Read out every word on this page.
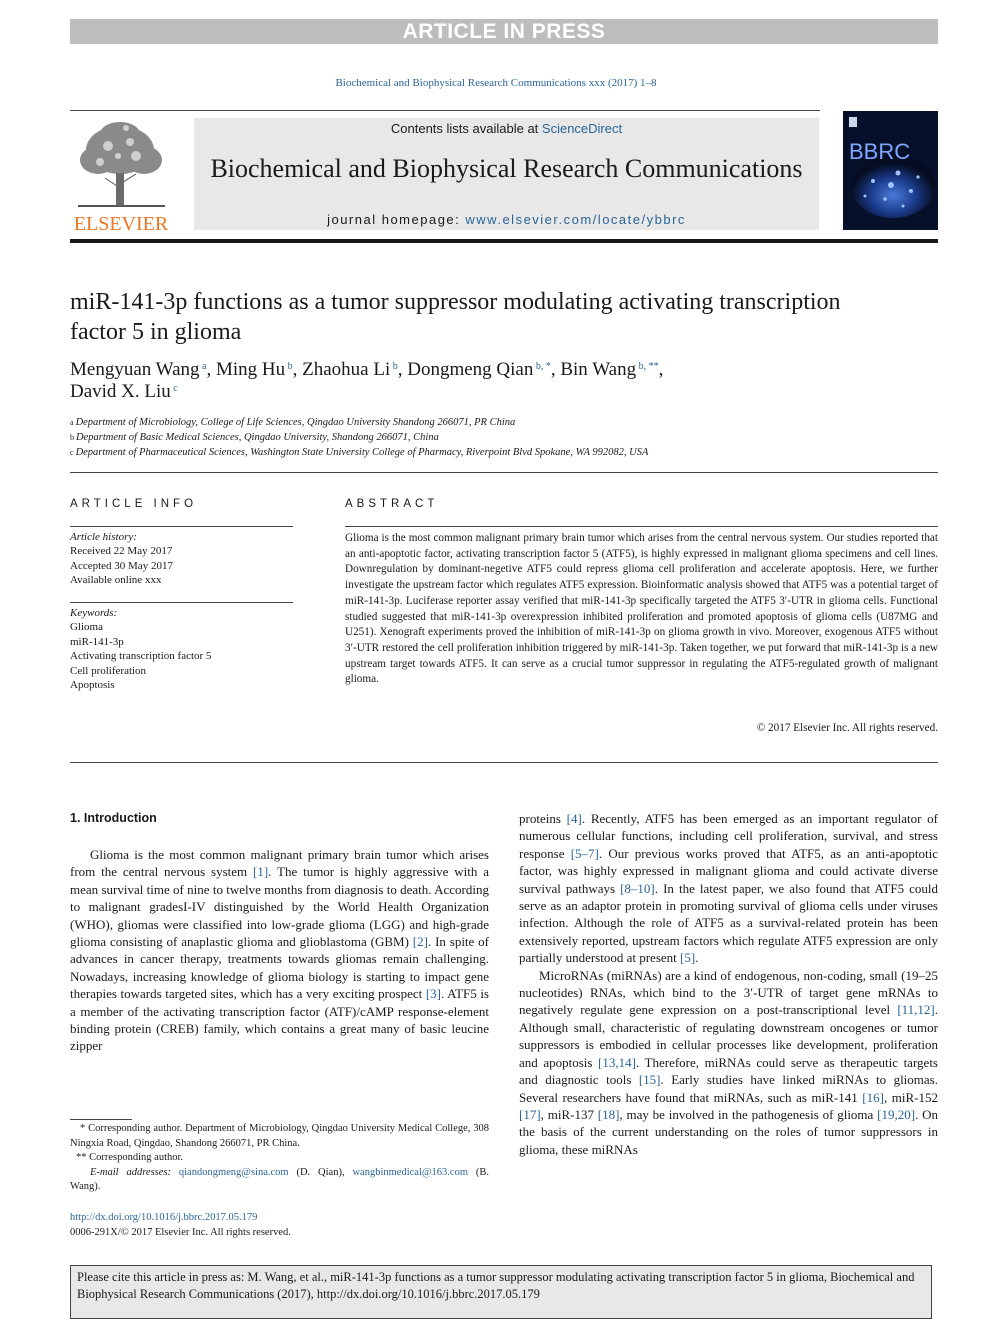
ARTICLE IN PRESS
Biochemical and Biophysical Research Communications xxx (2017) 1–8
ELSEVIER
Contents lists available at ScienceDirect
Biochemical and Biophysical Research Communications
journal homepage: www.elsevier.com/locate/ybbrc
BBRC
miR-141-3p functions as a tumor suppressor modulating activating transcription factor 5 in glioma
Mengyuan Wang $^a$, Ming Hu $^b$, Zhaohua Li $^b$, Dongmeng Qian $^{b, *}$, Bin Wang $^{b, **}$,
David X. Liu $^c$
$^a$ Department of Microbiology, College of Life Sciences, Qingdao University Shandong 266071, PR China
$^b$ Department of Basic Medical Sciences, Qingdao University, Shandong 266071, China
$^c$ Department of Pharmaceutical Sciences, Washington State University College of Pharmacy, Riverpoint Blvd Spokane, WA 992082, USA
ARTICLE INFO
Article history:
Received 22 May 2017
Accepted 30 May 2017
Available online xxx
Keywords:
Glioma
miR-141-3p
Activating transcription factor 5
Cell proliferation
Apoptosis
ABSTRACT
Glioma is the most common malignant primary brain tumor which arises from the central nervous system. Our studies reported that an anti-apoptotic factor, activating transcription factor 5 (ATF5), is highly expressed in malignant glioma specimens and cell lines. Downregulation by dominant-negetive ATF5 could repress glioma cell proliferation and accelerate apoptosis. Here, we further investigate the upstream factor which regulates ATF5 expression. Bioinformatic analysis showed that ATF5 was a potential target of miR-141-3p. Luciferase reporter assay verified that miR-141-3p specifically targeted the ATF5 3′-UTR in glioma cells. Functional studied suggested that miR-141-3p overexpression inhibited proliferation and promoted apoptosis of glioma cells (U87MG and U251). Xenograft experiments proved the inhibition of miR-141-3p on glioma growth in vivo. Moreover, exogenous ATF5 without 3′-UTR restored the cell proliferation inhibition triggered by miR-141-3p. Taken together, we put forward that miR-141-3p is a new upstream target towards ATF5. It can serve as a crucial tumor suppressor in regulating the ATF5-regulated growth of malignant glioma.
© 2017 Elsevier Inc. All rights reserved.
1. Introduction

Glioma is the most common malignant primary brain tumor which arises from the central nervous system [1]. The tumor is highly aggressive with a mean survival time of nine to twelve months from diagnosis to death. According to malignant gradesI-IV distinguished by the World Health Organization (WHO), gliomas were classified into low-grade glioma (LGG) and high-grade glioma consisting of anaplastic glioma and glioblastoma (GBM) [2]. In spite of advances in cancer therapy, treatments towards gliomas remain challenging. Nowadays, increasing knowledge of glioma biology is starting to impact gene therapies towards targeted sites, which has a very exciting prospect [3]. ATF5 is a member of the activating transcription factor (ATF)/cAMP response-element binding protein (CREB) family, which contains a great many of basic leucine zipper

proteins [4]. Recently, ATF5 has been emerged as an important regulator of numerous cellular functions, including cell proliferation, survival, and stress response [5–7]. Our previous works proved that ATF5, as an anti-apoptotic factor, was highly expressed in malignant glioma and could activate diverse survival pathways [8–10]. In the latest paper, we also found that ATF5 could serve as an adaptor protein in promoting survival of glioma cells under viruses infection. Although the role of ATF5 as a survival-related protein has been extensively reported, upstream factors which regulate ATF5 expression are only partially understood at present [5].

MicroRNAs (miRNAs) are a kind of endogenous, non-coding, small (19–25 nucleotides) RNAs, which bind to the 3′-UTR of target gene mRNAs to negatively regulate gene expression on a post-transcriptional level [11,12]. Although small, characteristic of regulating downstream oncogenes or tumor suppressors is embodied in cellular processes like development, proliferation and apoptosis [13,14]. Therefore, miRNAs could serve as therapeutic targets and diagnostic tools [15]. Early studies have linked miRNAs to gliomas. Several researchers have found that miRNAs, such as miR-141 [16], miR-152 [17], miR-137 [18], may be involved in the pathogenesis of glioma [19,20]. On the basis of the current understanding on the roles of tumor suppressors in glioma, these miRNAs

* Corresponding author. Department of Microbiology, Qingdao University Medical College, 308 Ningxia Road, Qingdao, Shandong 266071, PR China.
** Corresponding author.
E-mail addresses: qiandongmeng@sina.com (D. Qian), wangbinmedical@163.com (B. Wang).
http://dx.doi.org/10.1016/j.bbrc.2017.05.179
0006-291X/© 2017 Elsevier Inc. All rights reserved.
Please cite this article in press as: M. Wang, et al., miR-141-3p functions as a tumor suppressor modulating activating transcription factor 5 in glioma, Biochemical and Biophysical Research Communications (2017), http://dx.doi.org/10.1016/j.bbrc.2017.05.179
